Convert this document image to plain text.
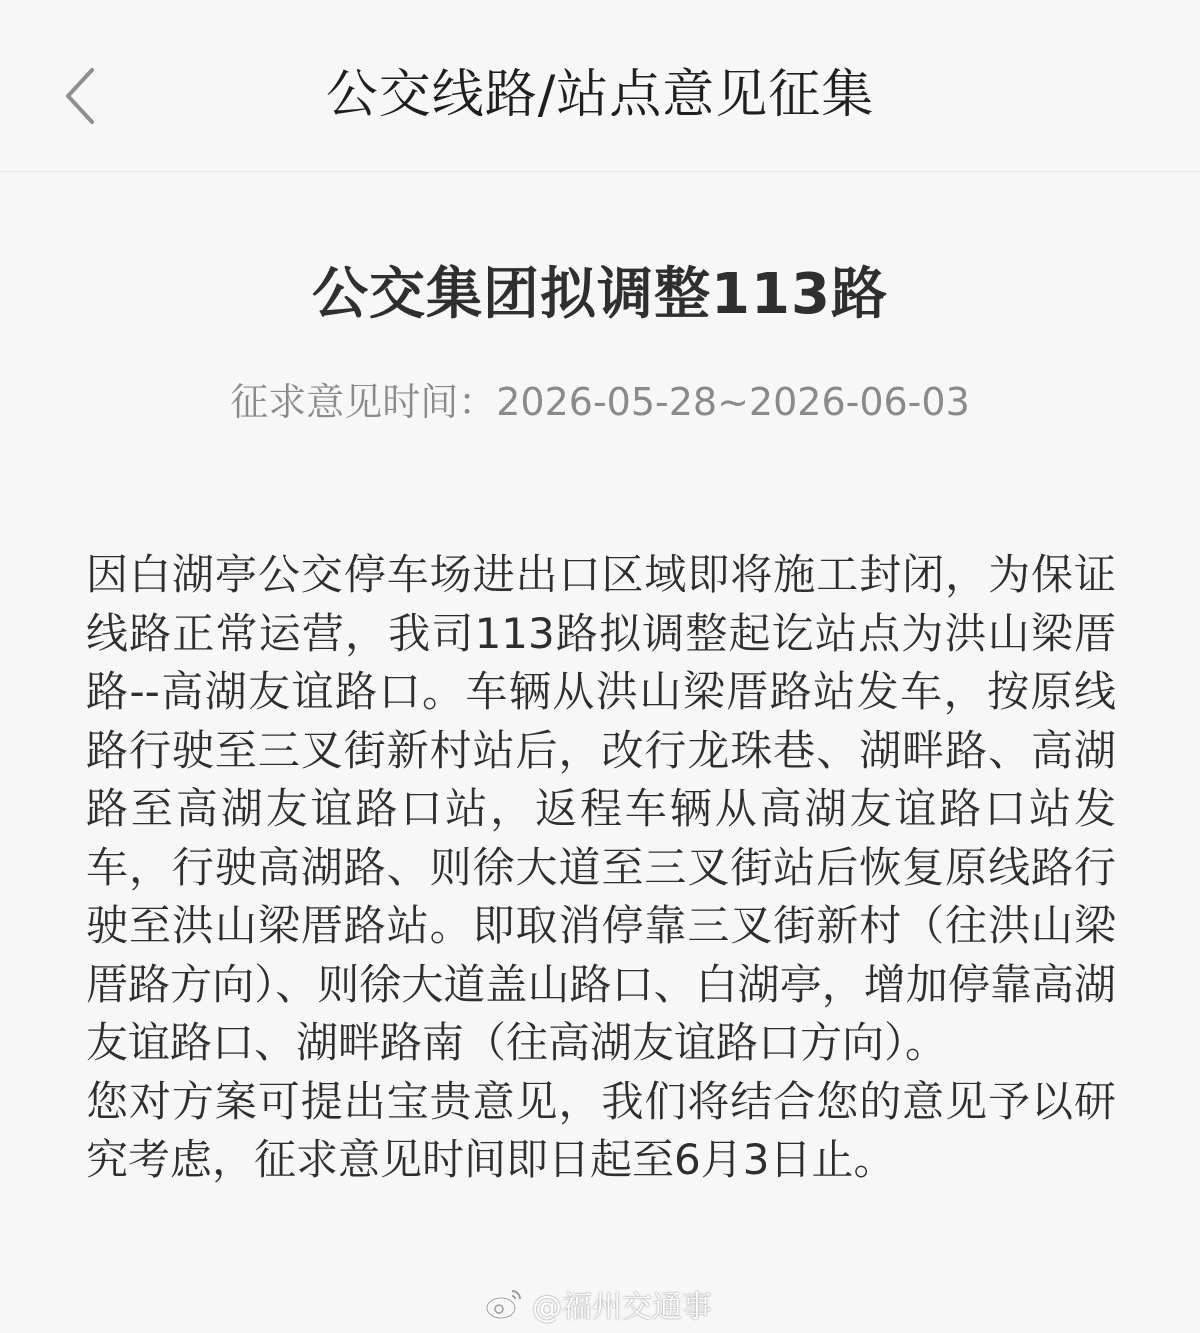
公交线路/站点意见征集
公交集团拟调整113路
征求意见时间：2026-05-28~2026-06-03

因白湖亭公交停车场进出口区域即将施工封闭，为保证线路正常运营，我司113路拟调整起讫站点为洪山梁厝路--高湖友谊路口。车辆从洪山梁厝路站发车，按原线路行驶至三叉街新村站后，改行龙珠巷、湖畔路、高湖路至高湖友谊路口站，返程车辆从高湖友谊路口站发车，行驶高湖路、则徐大道至三叉街站后恢复原线路行驶至洪山梁厝路站。即取消停靠三叉街新村（往洪山梁厝路方向）、则徐大道盖山路口、白湖亭，增加停靠高湖友谊路口、湖畔路南（往高湖友谊路口方向）。

您对方案可提出宝贵意见，我们将结合您的意见予以研究考虑，征求意见时间即日起至6月3日止。

@福州交通事
